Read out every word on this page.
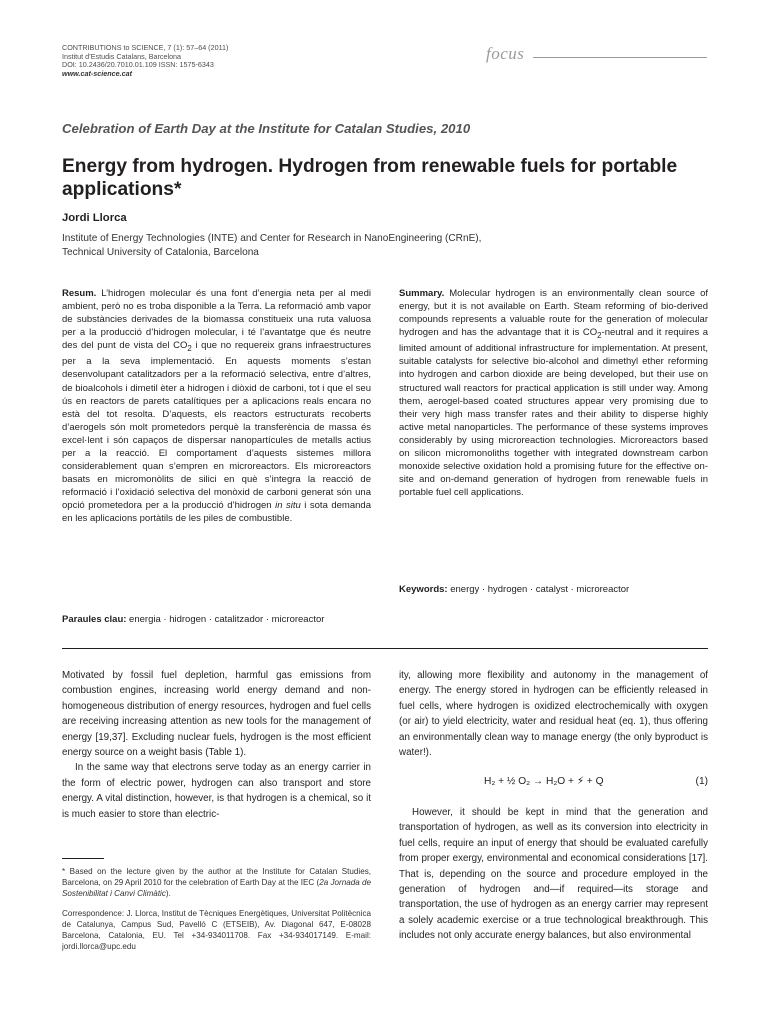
CONTRIBUTIONS to SCIENCE, 7 (1): 57–64 (2011)
Institut d’Estudis Catalans, Barcelona
DOI: 10.2436/20.7010.01.109 ISSN: 1575-6343
www.cat-science.cat
focus
Celebration of Earth Day at the Institute for Catalan Studies, 2010
Energy from hydrogen. Hydrogen from renewable fuels for portable applications*
Jordi Llorca
Institute of Energy Technologies (INTE) and Center for Research in NanoEngineering (CRnE),
Technical University of Catalonia, Barcelona
Resum. L’hidrogen molecular és una font d’energia neta per al medi ambient, però no es troba disponible a la Terra. La reformació amb vapor de substàncies derivades de la biomassa constitueix una ruta valuosa per a la producció d’hidrogen molecular, i té l’avantatge que és neutre des del punt de vista del $CO_2$ i que no requereix grans infraestructures per a la seva implementació. En aquests moments s’estan desenvolupant catalitzadors per a la reformació selectiva, entre d’altres, de bioalcohols i dimetil èter a hidrogen i diòxid de carboni, tot i que el seu ús en reactors de parets catalítiques per a aplicacions reals encara no està del tot resolta. D’aquests, els reactors estructurats recoberts d’aerogels són molt prometedors perquè la transferència de massa és excel·lent i són capaços de dispersar nanopartícules de metalls actius per a la reacció. El comportament d’aquests sistemes millora considerablement quan s’empren en microreactors. Els microreactors basats en micromonòlits de silici en què s’integra la reacció de reformació i l’oxidació selectiva del monòxid de carboni generat són una opció prometedora per a la producció d’hidrogen in situ i sota demanda en les aplicacions portàtils de les piles de combustible.
Paraules clau: energia · hidrogen · catalitzador · microreactor
Summary. Molecular hydrogen is an environmentally clean source of energy, but it is not available on Earth. Steam reforming of bio-derived compounds represents a valuable route for the generation of molecular hydrogen and has the advantage that it is $CO_2$-neutral and it requires a limited amount of additional infrastructure for implementation. At present, suitable catalysts for selective bio-alcohol and dimethyl ether reforming into hydrogen and carbon dioxide are being developed, but their use on structured wall reactors for practical application is still under way. Among them, aerogel-based coated structures appear very promising due to their very high mass transfer rates and their ability to disperse highly active metal nanoparticles. The performance of these systems improves considerably by using microreaction technologies. Microreactors based on silicon micromonoliths together with integrated downstream carbon monoxide selective oxidation hold a promising future for the effective on-site and on-demand generation of hydrogen from renewable fuels in portable fuel cell applications.
Keywords: energy · hydrogen · catalyst · microreactor

Motivated by fossil fuel depletion, harmful gas emissions from combustion engines, increasing world energy demand and non-homogeneous distribution of energy resources, hydrogen and fuel cells are receiving increasing attention as new tools for the management of energy [19,37]. Excluding nuclear fuels, hydrogen is the most efficient energy source on a weight basis (Table 1).

In the same way that electrons serve today as an energy carrier in the form of electric power, hydrogen can also transport and store energy. A vital distinction, however, is that hydrogen is a chemical, so it is much easier to store than electric-

ity, allowing more flexibility and autonomy in the management of energy. The energy stored in hydrogen can be efficiently released in fuel cells, where hydrogen is oxidized electrochemically with oxygen (or air) to yield electricity, water and residual heat (eq. 1), thus offering an environmentally clean way to manage energy (the only byproduct is water!).

H₂ + ½ O₂ → H₂O + ⚡ + Q	(1)

However, it should be kept in mind that the generation and transportation of hydrogen, as well as its conversion into electricity in fuel cells, require an input of energy that should be evaluated carefully from proper exergy, environmental and economical considerations [17]. That is, depending on the source and procedure employed in the generation of hydrogen and—if required—its storage and transportation, the use of hydrogen as an energy carrier may represent a solely academic exercise or a true technological breakthrough. This includes not only accurate energy balances, but also environmental

* Based on the lecture given by the author at the Institute for Catalan Studies, Barcelona, on 29 April 2010 for the celebration of Earth Day at the IEC (2a Jornada de Sostenibilitat i Canvi Climàtic).
Correspondence: J. Llorca, Institut de Tècniques Energètiques, Universitat Politècnica de Catalunya, Campus Sud, Pavelló C (ETSEIB), Av. Diagonal 647, E-08028 Barcelona, Catalonia, EU. Tel +34-934011708. Fax +34-934017149. E-mail: jordi.llorca@upc.edu
